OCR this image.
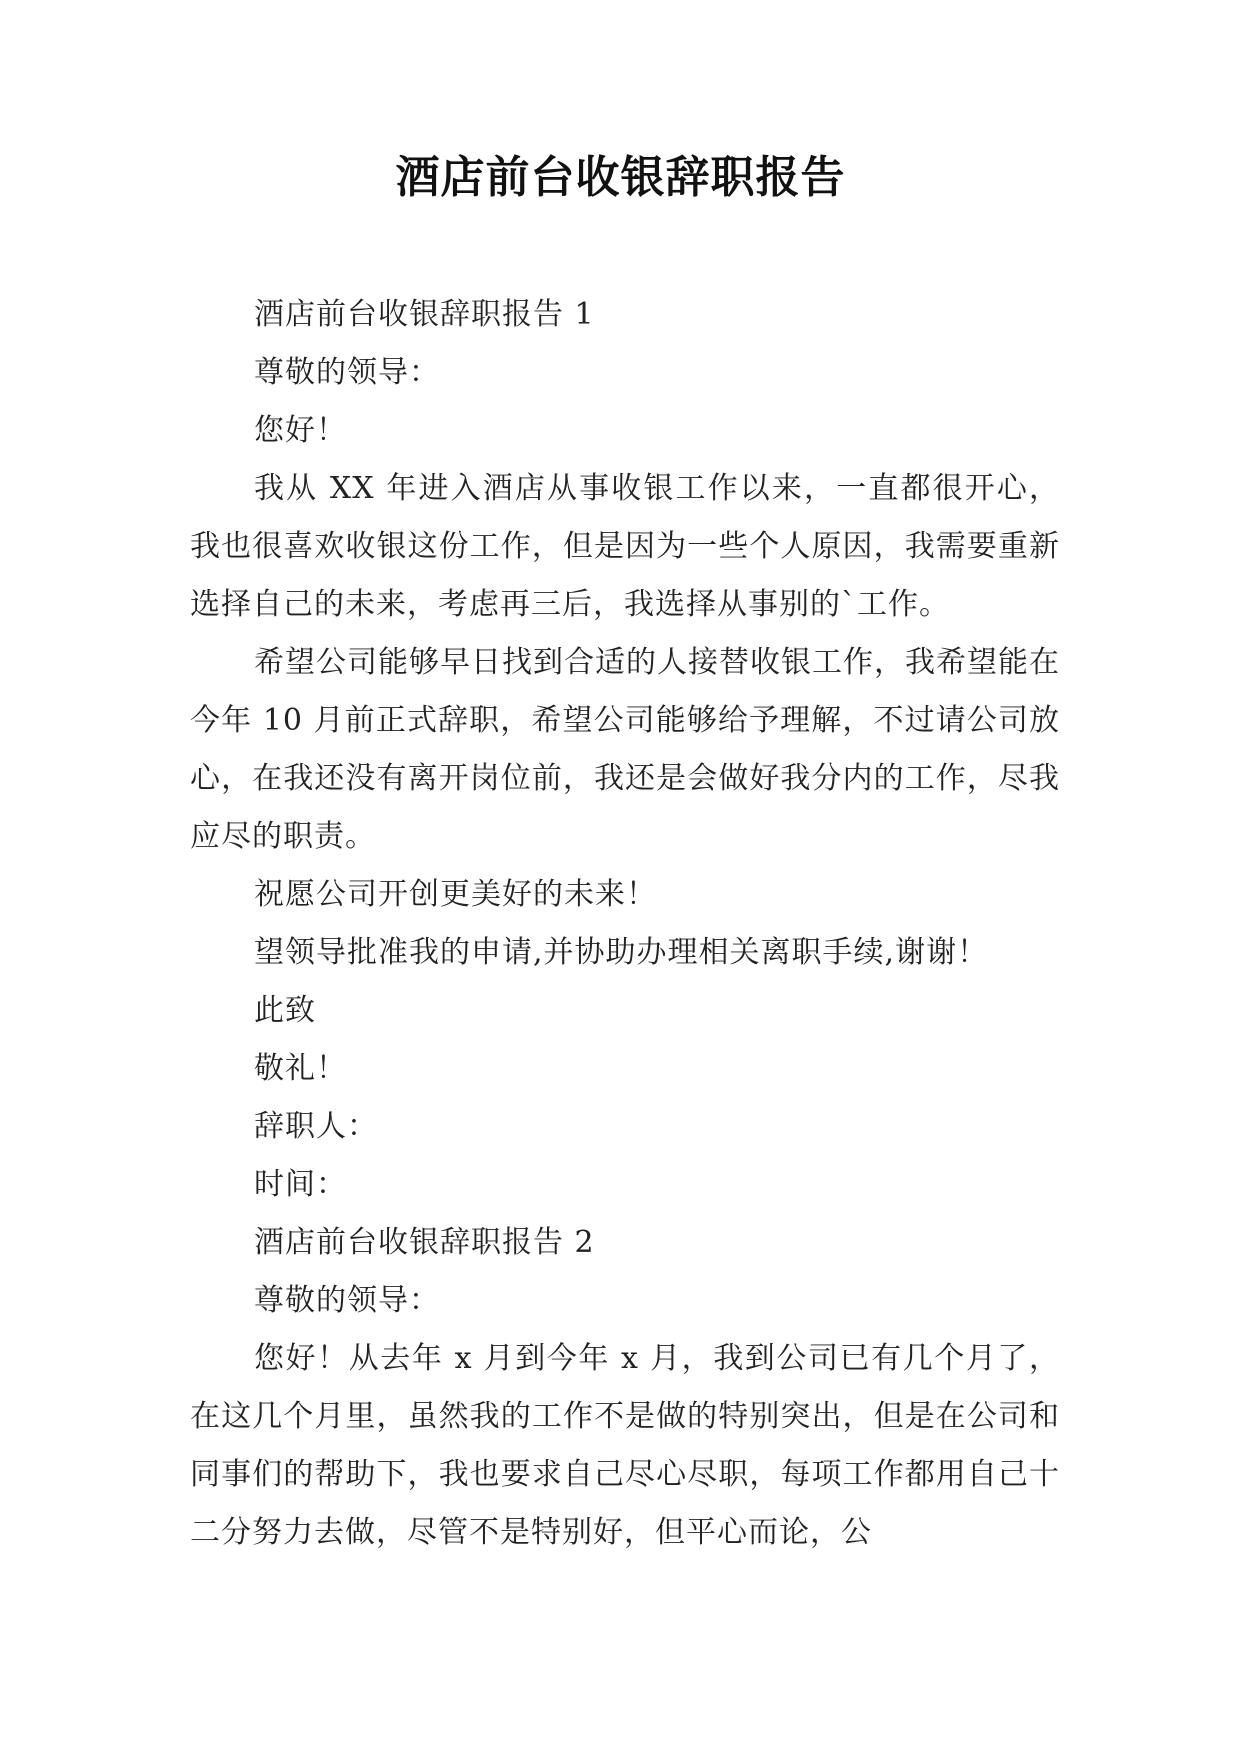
酒店前台收银辞职报告

酒店前台收银辞职报告 1

尊敬的领导：

您好！

我从 XX 年进入酒店从事收银工作以来，一直都很开心，我也很喜欢收银这份工作，但是因为一些个人原因，我需要重新选择自己的未来，考虑再三后，我选择从事别的`工作。

希望公司能够早日找到合适的人接替收银工作，我希望能在今年 10 月前正式辞职，希望公司能够给予理解，不过请公司放心，在我还没有离开岗位前，我还是会做好我分内的工作，尽我应尽的职责。

祝愿公司开创更美好的未来！

望领导批准我的申请,并协助办理相关离职手续,谢谢！

此致

敬礼！

辞职人：

时间：

酒店前台收银辞职报告 2

尊敬的领导：

您好！从去年 x 月到今年 x 月，我到公司已有几个月了，在这几个月里，虽然我的工作不是做的特别突出，但是在公司和同事们的帮助下，我也要求自己尽心尽职，每项工作都用自己十二分努力去做，尽管不是特别好，但平心而论，公
